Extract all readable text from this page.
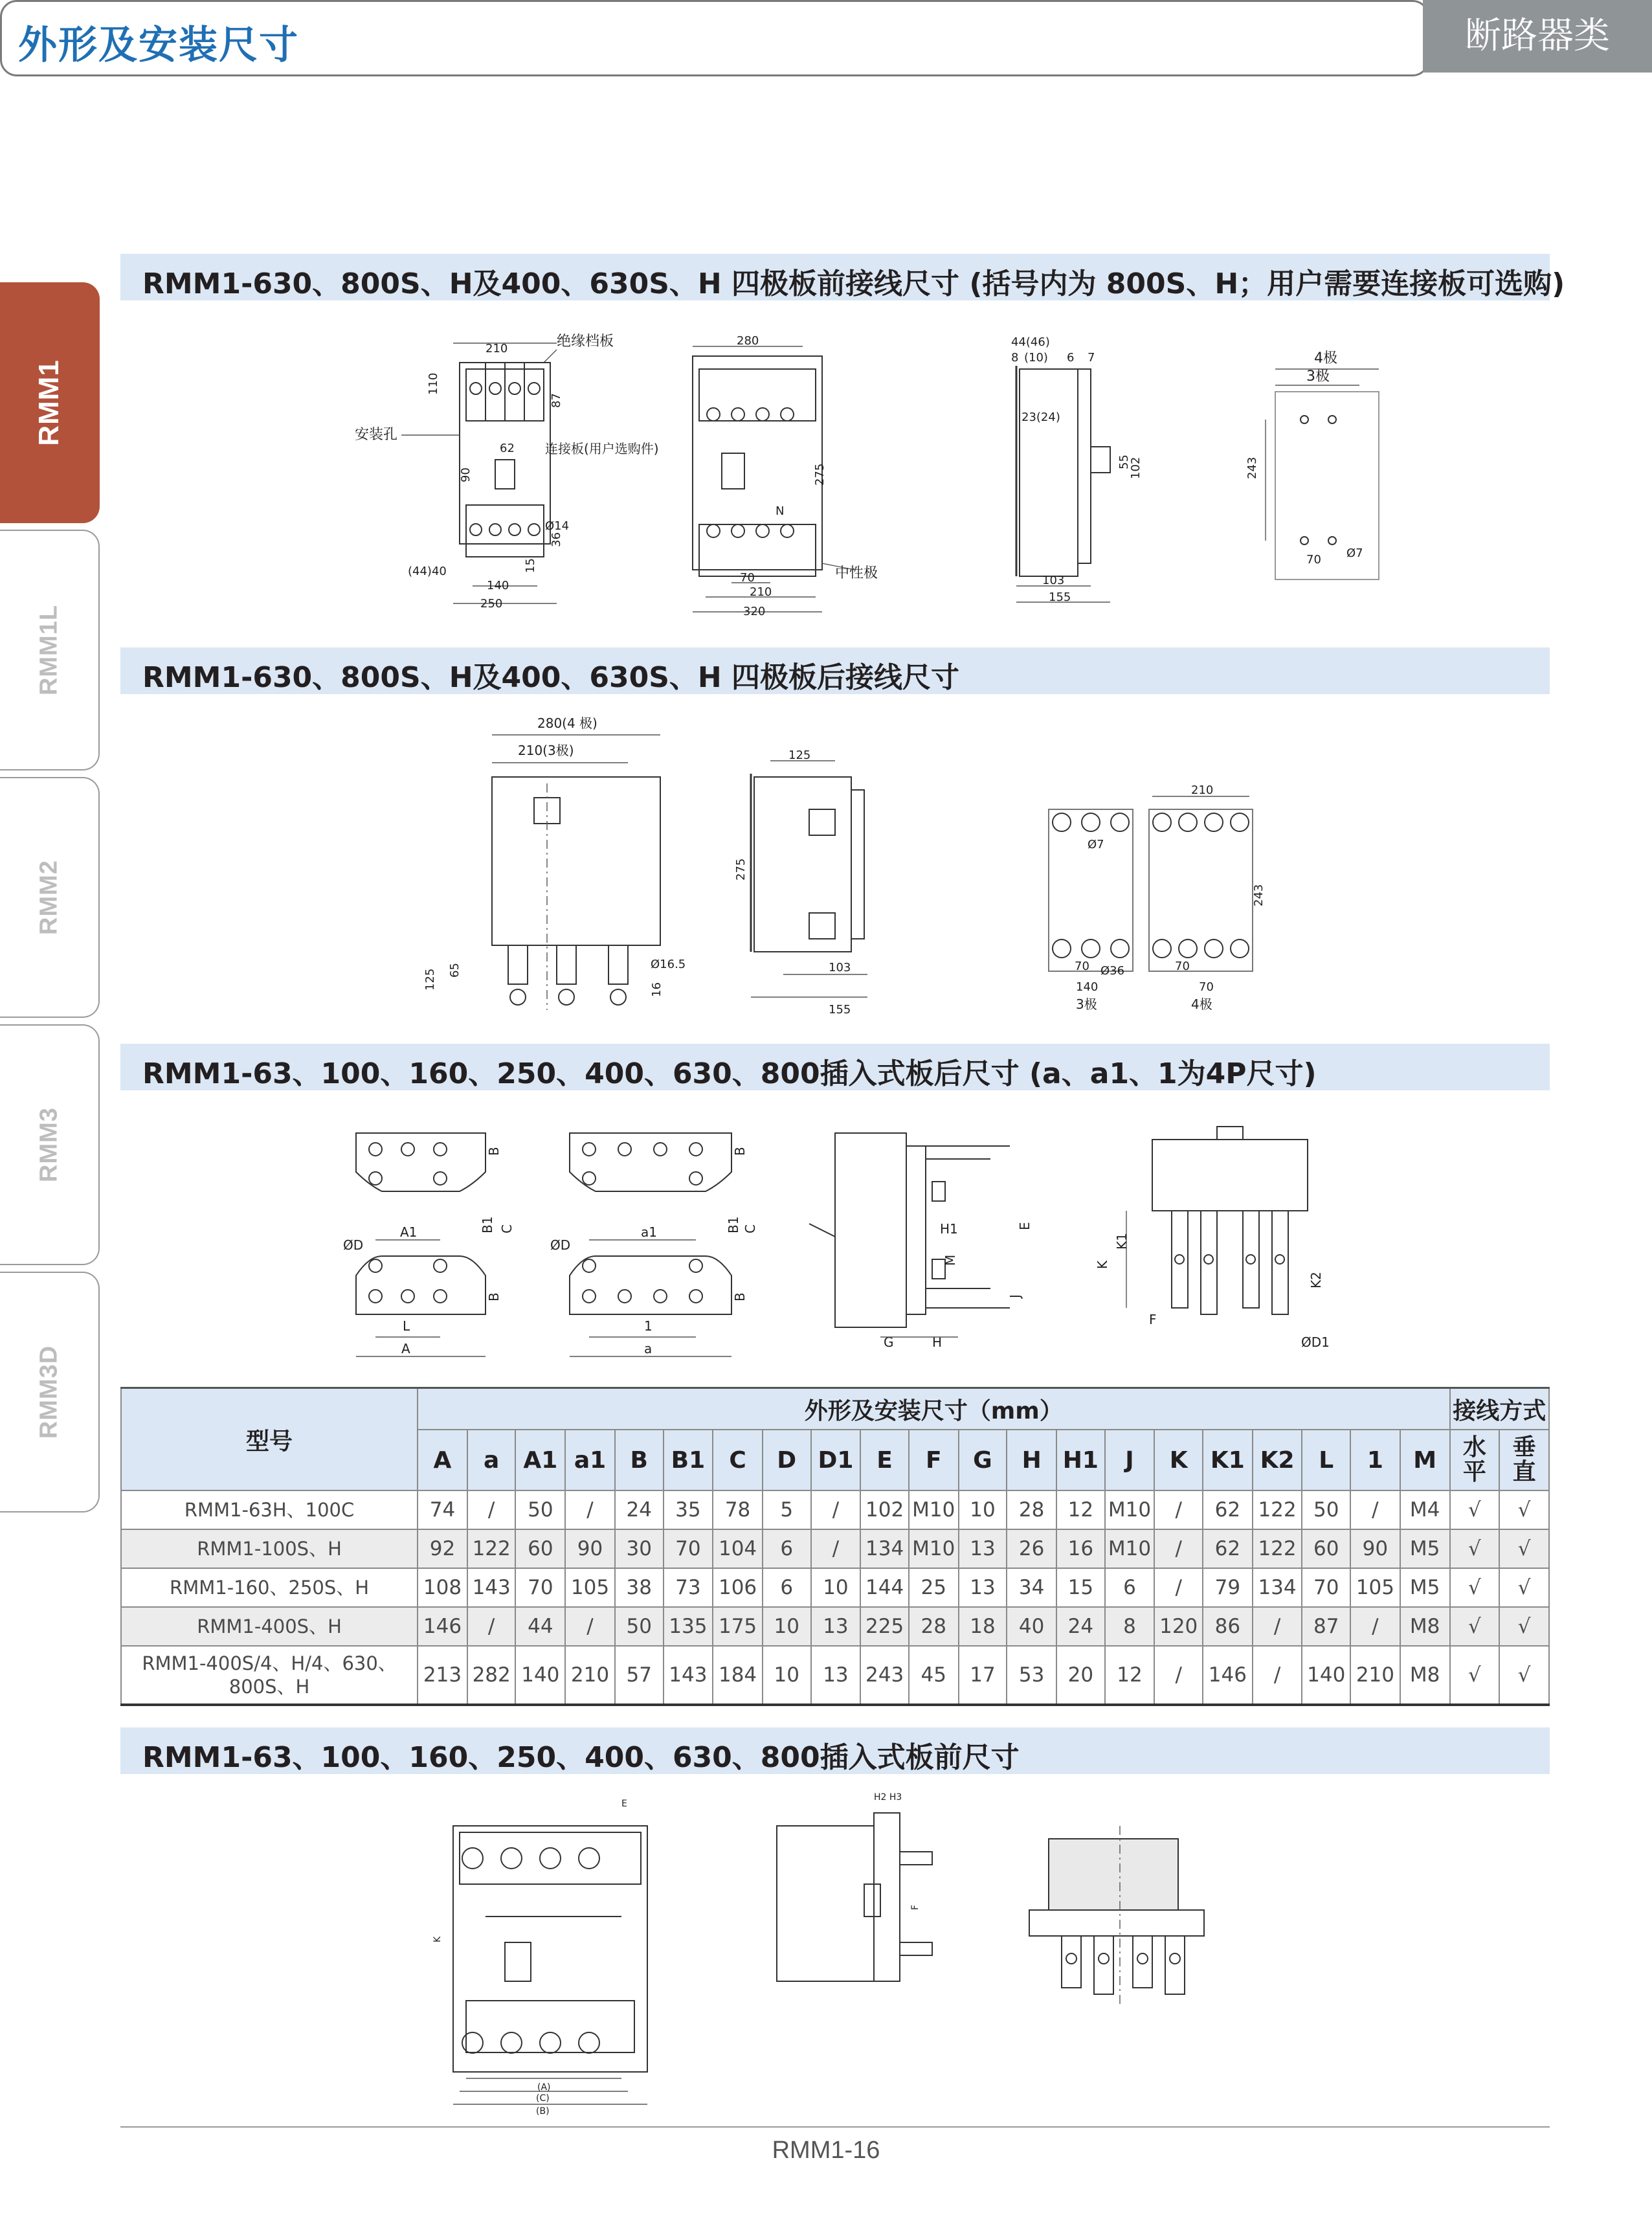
外形及安装尺寸	断路器类
RMM1
RMM1L
RMM2
RMM3
RMM3D
RMM1-630、800S、H及400、630S、H 四极板前接线尺寸 (括号内为 800S、H；用户需要连接板可选购)
210	绝缘档板
110
87
安装孔
62 连接板(用户选购件)
90
Ø14
36
15
(44)40
140
250
280
275
N
中性极
70
210
320
44(46)
8 (10) 6 7
23(24)
55
102
103
155
4极
3极
243
70 Ø7
RMM1-630、800S、H及400、630S、H 四极板后接线尺寸
280(4 极)
210(3极)
125 65	Ø16.5
16
125
275
103
155
Ø7
Ø36
70
140
3极
210
243
70
70
4极
RMM1-63、100、160、250、400、630、800插入式板后尺寸 (a、a1、1为4P尺寸)
B
B1 C
A1
ØD
B
L
A
B
B1 C
a1
ØD
B
1
a
H1
M
E
J
G	H
K
K1
K2
F
ØD1
型号	外形及安装尺寸（mm）																					接线方式	
	A	a	A1	a1	B	B1	C	D	D1	E	F	G	H	H1	J	K	K1	K2	L	1	M	水平	垂直
RMM1-63H、100C	74	/	50	/	24	35	78	5	/	102	M10	10	28	12	M10	/	62	122	50	/	M4	√	√
RMM1-100S、H	92	122	60	90	30	70	104	6	/	134	M10	13	26	16	M10	/	62	122	60	90	M5	√	√
RMM1-160、250S、H	108	143	70	105	38	73	106	6	10	144	25	13	34	15	6	/	79	134	70	105	M5	√	√
RMM1-400S、H	146	/	44	/	50	135	175	10	13	225	28	18	40	24	8	120	86	/	87	/	M8	√	√
RMM1-400S/4、H/4、630、800S、H	213	282	140	210	57	143	184	10	13	243	45	17	53	20	12	/	146	/	140	210	M8	√	√
RMM1-63、100、160、250、400、630、800插入式板前尺寸
E
(C)
(B)
(A)
K
H2 H3
F
RMM1-16
